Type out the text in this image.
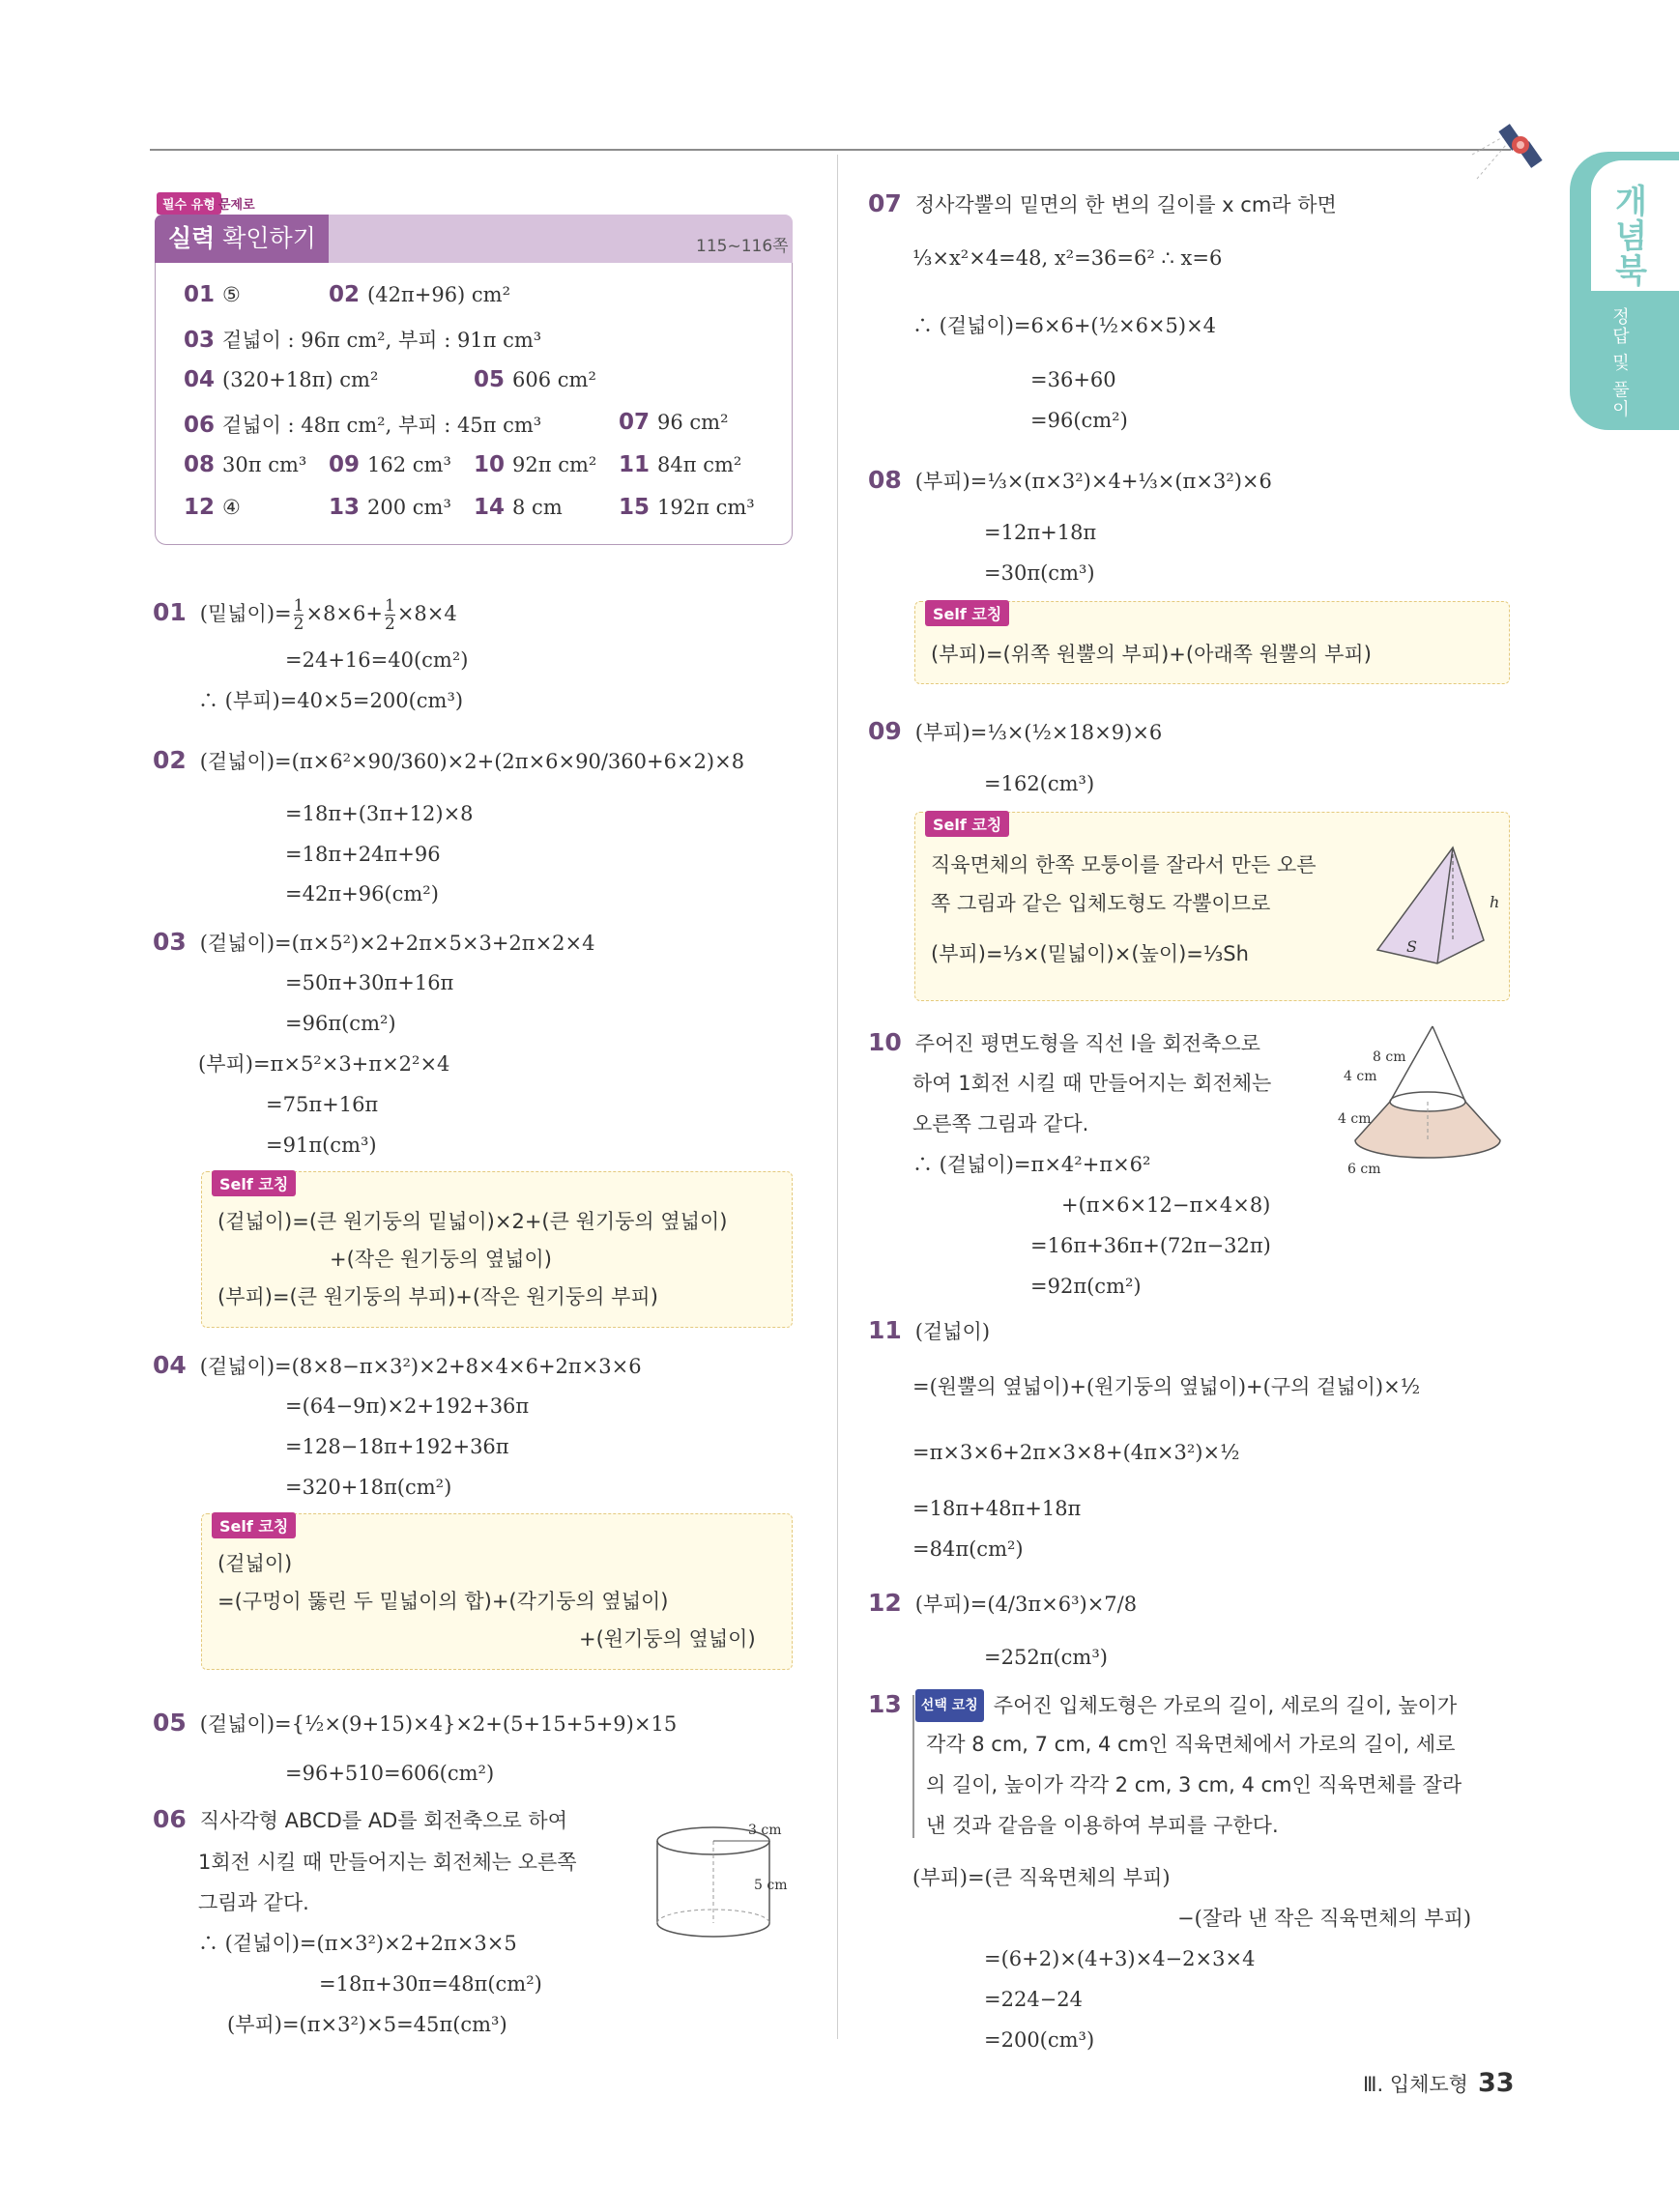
개념북
정답 및 풀이
필수 유형 문제로
실력 확인하기	115~116쪽
01 ⑤	02 (42π+96) cm²
03 겉넓이 : 96π cm², 부피 : 91π cm³
04 (320+18π) cm²	05 606 cm²
06 겉넓이 : 48π cm², 부피 : 45π cm³	07 96 cm²
08 30π cm³ 09 162 cm³ 10 92π cm² 11 84π cm²
12 ④	13 200 cm³ 14 8 cm	15 192π cm³
01 (밑넓이)= $\frac{1}{2} \times 8\times 6+ \frac{1}{2} \times 8\times 4$
=24+16=40(cm²)
∴ (부피)=40×5=200(cm³)
02 (겉넓이)=(π×6²×90/360)×2+(2π×6×90/360+6×2)×8
=18π+(3π+12)×8
=18π+24π+96
=42π+96(cm²)
03 (겉넓이)=(π×5²)×2+2π×5×3+2π×2×4
=50π+30π+16π
=96π(cm²)
(부피)=π×5²×3+π×2²×4
=75π+16π
=91π(cm³)
Self 코칭
(겉넓이)=(큰 원기둥의 밑넓이)×2+(큰 원기둥의 옆넓이)
+(작은 원기둥의 옆넓이)
(부피)=(큰 원기둥의 부피)+(작은 원기둥의 부피)
04 (겉넓이)=(8×8−π×3²)×2+8×4×6+2π×3×6
=(64−9π)×2+192+36π
=128−18π+192+36π
=320+18π(cm²)
Self 코칭
(겉넓이)
=(구멍이 뚫린 두 밑넓이의 합)+(각기둥의 옆넓이)
+(원기둥의 옆넓이)
05 (겉넓이)={½×(9+15)×4}×2+(5+15+5+9)×15
=96+510=606(cm²)
06 직사각형 ABCD를 AD를 회전축으로 하여
1회전 시킬 때 만들어지는 회전체는 오른쪽
그림과 같다.
∴ (겉넓이)=(π×3²)×2+2π×3×5
=18π+30π=48π(cm²)
(부피)=(π×3²)×5=45π(cm³)
3 cm
5 cm
07 정사각뿔의 밑면의 한 변의 길이를 x cm라 하면
⅓×x²×4=48, x²=36=6² ∴ x=6
∴ (겉넓이)=6×6+(½×6×5)×4
=36+60
=96(cm²)
08 (부피)=⅓×(π×3²)×4+⅓×(π×3²)×6
=12π+18π
=30π(cm³)
Self 코칭
(부피)=(위쪽 원뿔의 부피)+(아래쪽 원뿔의 부피)
09 (부피)=⅓×(½×18×9)×6
=162(cm³)
Self 코칭
직육면체의 한쪽 모퉁이를 잘라서 만든 오른
쪽 그림과 같은 입체도형도 각뿔이므로
(부피)=⅓×(밑넓이)×(높이)=⅓Sh
h
S
10 주어진 평면도형을 직선 l을 회전축으로
하여 1회전 시킬 때 만들어지는 회전체는
오른쪽 그림과 같다.
∴ (겉넓이)=π×4²+π×6²
+(π×6×12−π×4×8)
=16π+36π+(72π−32π)
=92π(cm²)
8 cm
4 cm
4 cm
6 cm
11 (겉넓이)
=(원뿔의 옆넓이)+(원기둥의 옆넓이)+(구의 겉넓이)×½
=π×3×6+2π×3×8+(4π×3²)×½
=18π+48π+18π
=84π(cm²)
12 (부피)=(4/3π×6³)×7/8
=252π(cm³)
13 선택 코칭 주어진 입체도형은 가로의 길이, 세로의 길이, 높이가
각각 8 cm, 7 cm, 4 cm인 직육면체에서 가로의 길이, 세로
의 길이, 높이가 각각 2 cm, 3 cm, 4 cm인 직육면체를 잘라
낸 것과 같음을 이용하여 부피를 구한다.
(부피)=(큰 직육면체의 부피)
−(잘라 낸 작은 직육면체의 부피)
=(6+2)×(4+3)×4−2×3×4
=224−24
=200(cm³)
Ⅲ. 입체도형 33
